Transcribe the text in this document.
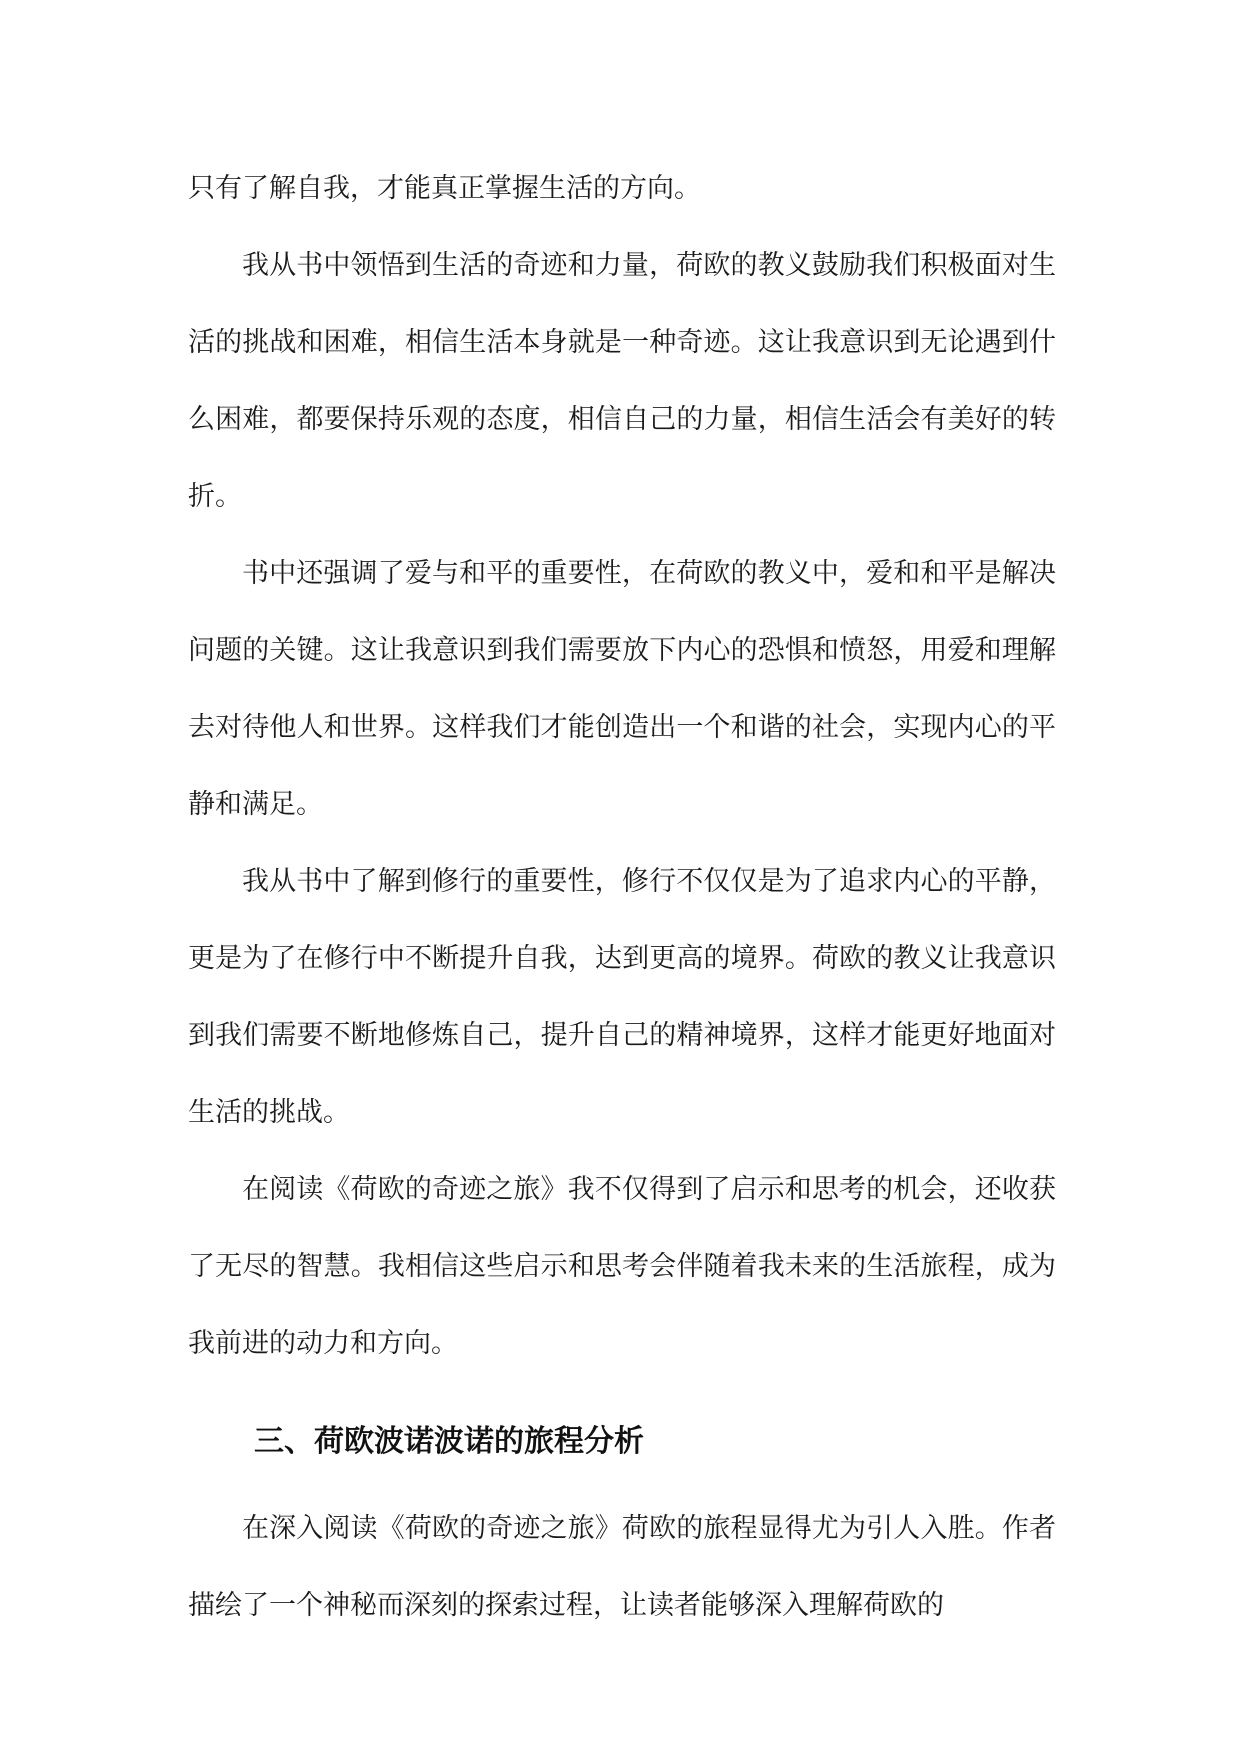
只有了解自我，才能真正掌握生活的方向。

我从书中领悟到生活的奇迹和力量，荷欧的教义鼓励我们积极面对生活的挑战和困难，相信生活本身就是一种奇迹。这让我意识到无论遇到什么困难，都要保持乐观的态度，相信自己的力量，相信生活会有美好的转折。

书中还强调了爱与和平的重要性，在荷欧的教义中，爱和和平是解决问题的关键。这让我意识到我们需要放下内心的恐惧和愤怒，用爱和理解去对待他人和世界。这样我们才能创造出一个和谐的社会，实现内心的平静和满足。

我从书中了解到修行的重要性，修行不仅仅是为了追求内心的平静，更是为了在修行中不断提升自我，达到更高的境界。荷欧的教义让我意识到我们需要不断地修炼自己，提升自己的精神境界，这样才能更好地面对生活的挑战。

在阅读《荷欧的奇迹之旅》我不仅得到了启示和思考的机会，还收获了无尽的智慧。我相信这些启示和思考会伴随着我未来的生活旅程，成为我前进的动力和方向。

三、荷欧波诺波诺的旅程分析

在深入阅读《荷欧的奇迹之旅》荷欧的旅程显得尤为引人入胜。作者描绘了一个神秘而深刻的探索过程，让读者能够深入理解荷欧的
